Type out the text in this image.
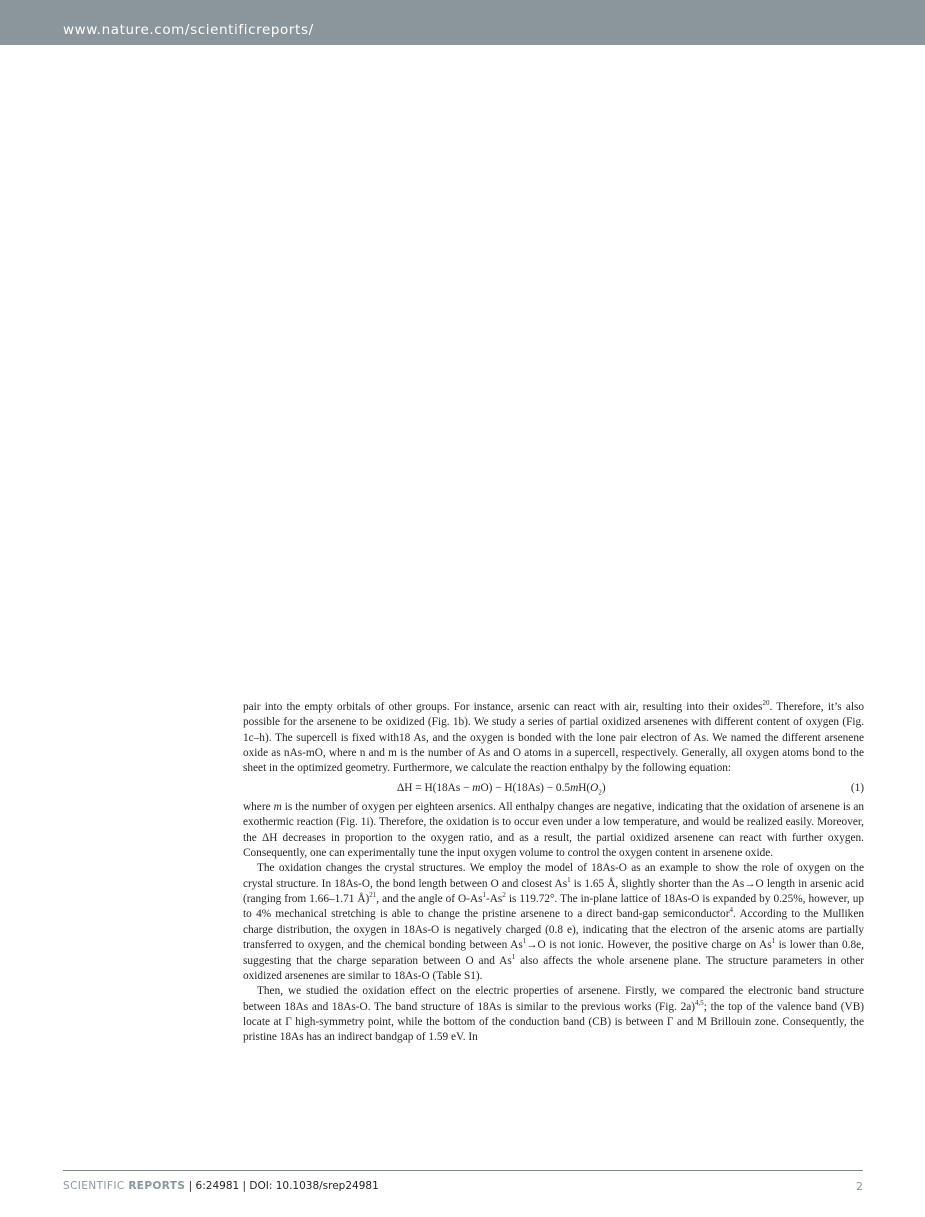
www.nature.com/scientificreports/

pair into the empty orbitals of other groups. For instance, arsenic can react with air, resulting into their oxides$^{20}$. Therefore, it’s also possible for the arsenene to be oxidized (Fig. 1b). We study a series of partial oxidized arsenenes with different content of oxygen (Fig. 1c–h). The supercell is fixed with18 As, and the oxygen is bonded with the lone pair electron of As. We named the different arsenene oxide as nAs-mO, where n and m is the number of As and O atoms in a supercell, respectively. Generally, all oxygen atoms bond to the sheet in the optimized geometry. Furthermore, we calculate the reaction enthalpy by the following equation:

$\Delta H = H(18As - mO) - H(18As) - 0.5mH(O_2)$	(1)

where m is the number of oxygen per eighteen arsenics. All enthalpy changes are negative, indicating that the oxidation of arsenene is an exothermic reaction (Fig. 1i). Therefore, the oxidation is to occur even under a low temperature, and would be realized easily. Moreover, the ΔH decreases in proportion to the oxygen ratio, and as a result, the partial oxidized arsenene can react with further oxygen. Consequently, one can experimentally tune the input oxygen volume to control the oxygen content in arsenene oxide.

The oxidation changes the crystal structures. We employ the model of 18As-O as an example to show the role of oxygen on the crystal structure. In 18As-O, the bond length between O and closest As$^1$ is 1.65 Å, slightly shorter than the As→O length in arsenic acid (ranging from 1.66–1.71 Å)$^{21}$, and the angle of O-As$^1$-As$^2$ is 119.72°. The in-plane lattice of 18As-O is expanded by 0.25%, however, up to 4% mechanical stretching is able to change the pristine arsenene to a direct band-gap semiconductor$^4$. According to the Mulliken charge distribution, the oxygen in 18As-O is negatively charged (0.8 e), indicating that the electron of the arsenic atoms are partially transferred to oxygen, and the chemical bonding between $As^1\to O$ is not ionic. However, the positive charge on As$^1$ is lower than 0.8e, suggesting that the charge separation between O and As$^1$ also affects the whole arsenene plane. The structure parameters in other oxidized arsenenes are similar to 18As-O (Table S1).

Then, we studied the oxidation effect on the electric properties of arsenene. Firstly, we compared the electronic band structure between 18As and 18As-O. The band structure of 18As is similar to the previous works (Fig. 2a)$^{4,5}$; the top of the valence band (VB) locate at Γ high-symmetry point, while the bottom of the conduction band (CB) is between Γ and M Brillouin zone. Consequently, the pristine 18As has an indirect bandgap of 1.59 eV. In

SCIENTIFIC REPORTS | 6:24981 | DOI: 10.1038/srep24981	2
